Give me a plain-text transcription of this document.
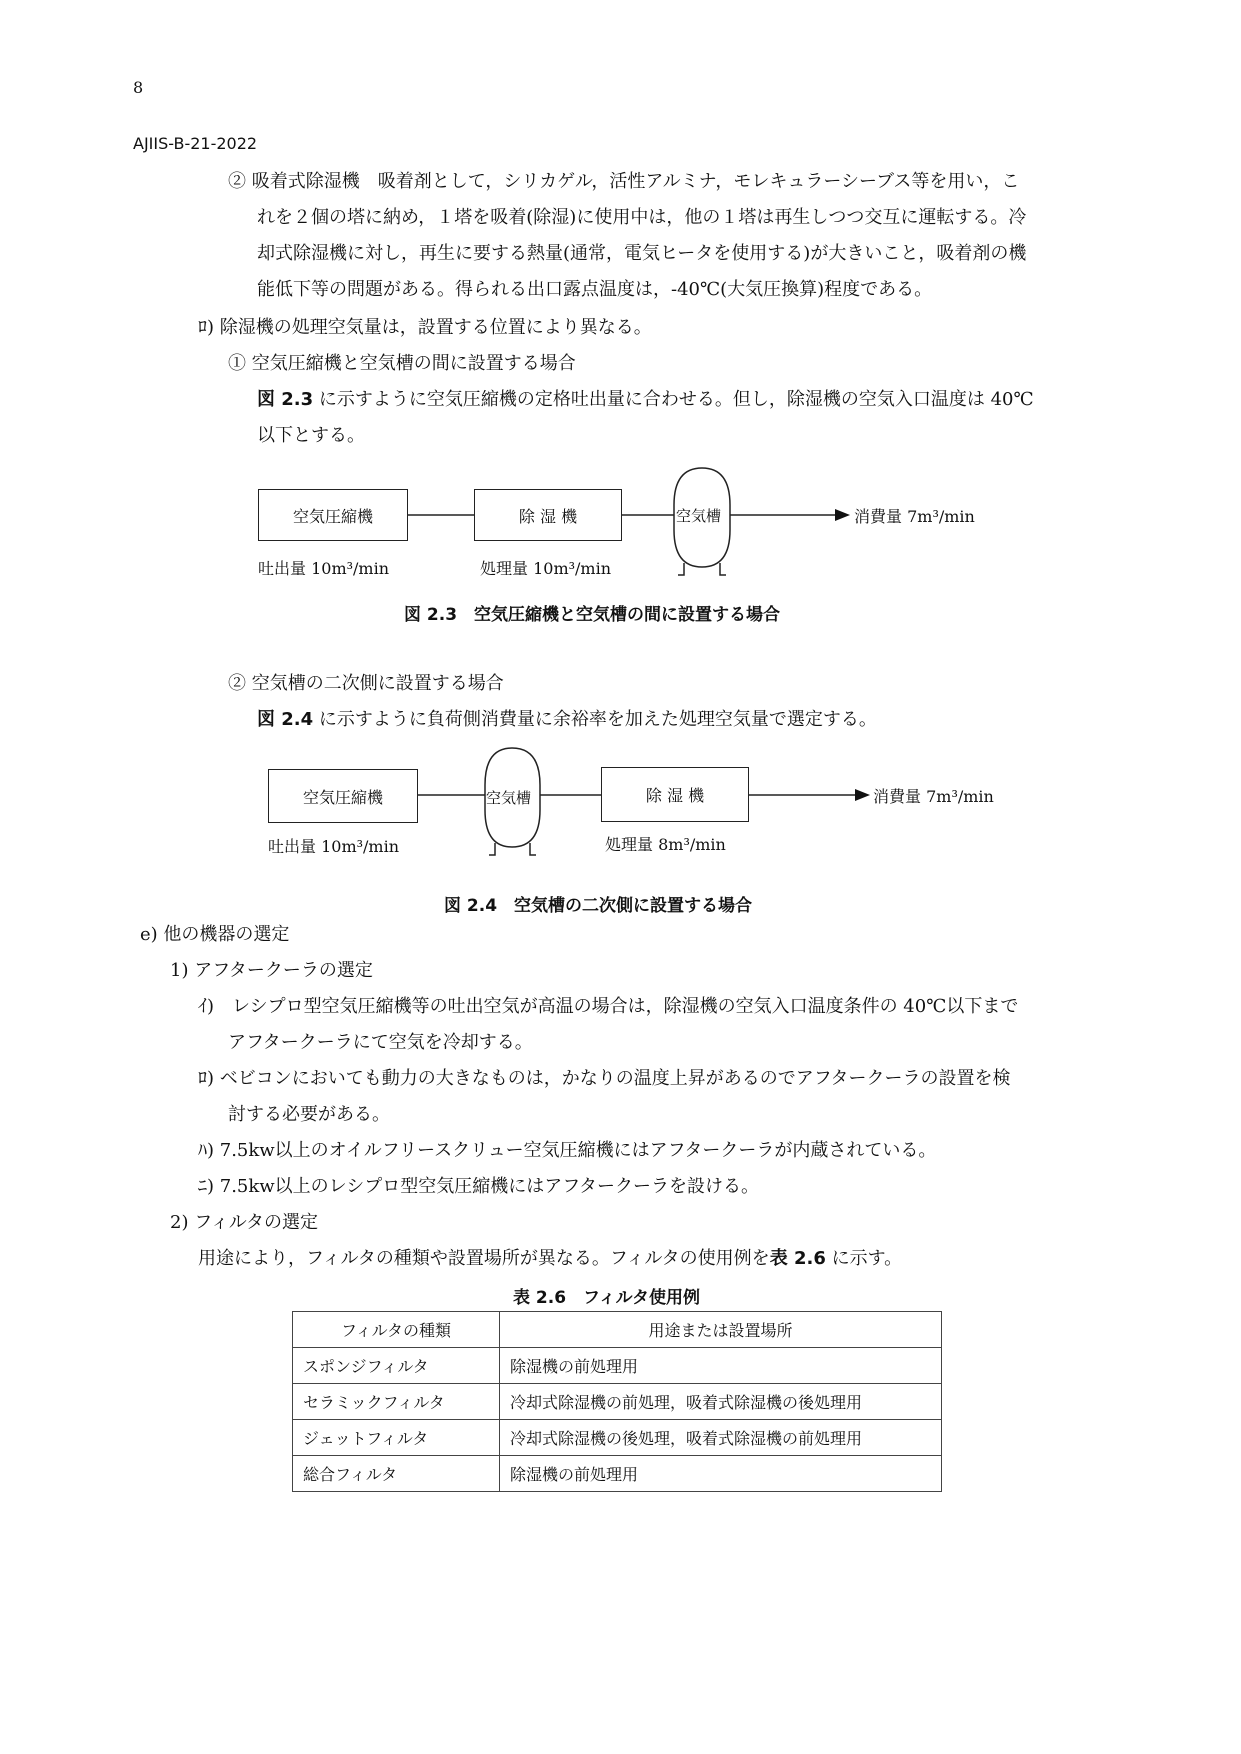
8
AJIIS-B-21-2022
② 吸着式除湿機　吸着剤として，シリカゲル，活性アルミナ，モレキュラーシーブス等を用い，こ
れを２個の塔に納め，１塔を吸着(除湿)に使用中は，他の１塔は再生しつつ交互に運転する。冷
却式除湿機に対し，再生に要する熱量(通常，電気ヒータを使用する)が大きいこと，吸着剤の機
能低下等の問題がある。得られる出口露点温度は，-40℃(大気圧換算)程度である。
ﾛ) 除湿機の処理空気量は，設置する位置により異なる。
① 空気圧縮機と空気槽の間に設置する場合
図 2.3 に示すように空気圧縮機の定格吐出量に合わせる。但し，除湿機の空気入口温度は 40℃
以下とする。
空気圧縮機	除 湿 機	空気槽	消費量 7m³/min
吐出量 10m³/min	処理量 10m³/min
図 2.3　空気圧縮機と空気槽の間に設置する場合
② 空気槽の二次側に設置する場合
図 2.4 に示すように負荷側消費量に余裕率を加えた処理空気量で選定する。
空気圧縮機	空気槽	除 湿 機	消費量 7m³/min
吐出量 10m³/min	処理量 8m³/min
図 2.4　空気槽の二次側に設置する場合
e) 他の機器の選定
1) アフタークーラの選定
ｲ)　レシプロ型空気圧縮機等の吐出空気が高温の場合は，除湿機の空気入口温度条件の 40℃以下まで
アフタークーラにて空気を冷却する。
ﾛ) ベビコンにおいても動力の大きなものは，かなりの温度上昇があるのでアフタークーラの設置を検
討する必要がある。
ﾊ) 7.5kw以上のオイルフリースクリュー空気圧縮機にはアフタークーラが内蔵されている。
ﾆ) 7.5kw以上のレシプロ型空気圧縮機にはアフタークーラを設ける。
2) フィルタの選定
用途により，フィルタの種類や設置場所が異なる。フィルタの使用例を表 2.6 に示す。
表 2.6　フィルタ使用例
フィルタの種類	用途または設置場所
スポンジフィルタ	除湿機の前処理用
セラミックフィルタ	冷却式除湿機の前処理，吸着式除湿機の後処理用
ジェットフィルタ	冷却式除湿機の後処理，吸着式除湿機の前処理用
総合フィルタ	除湿機の前処理用
